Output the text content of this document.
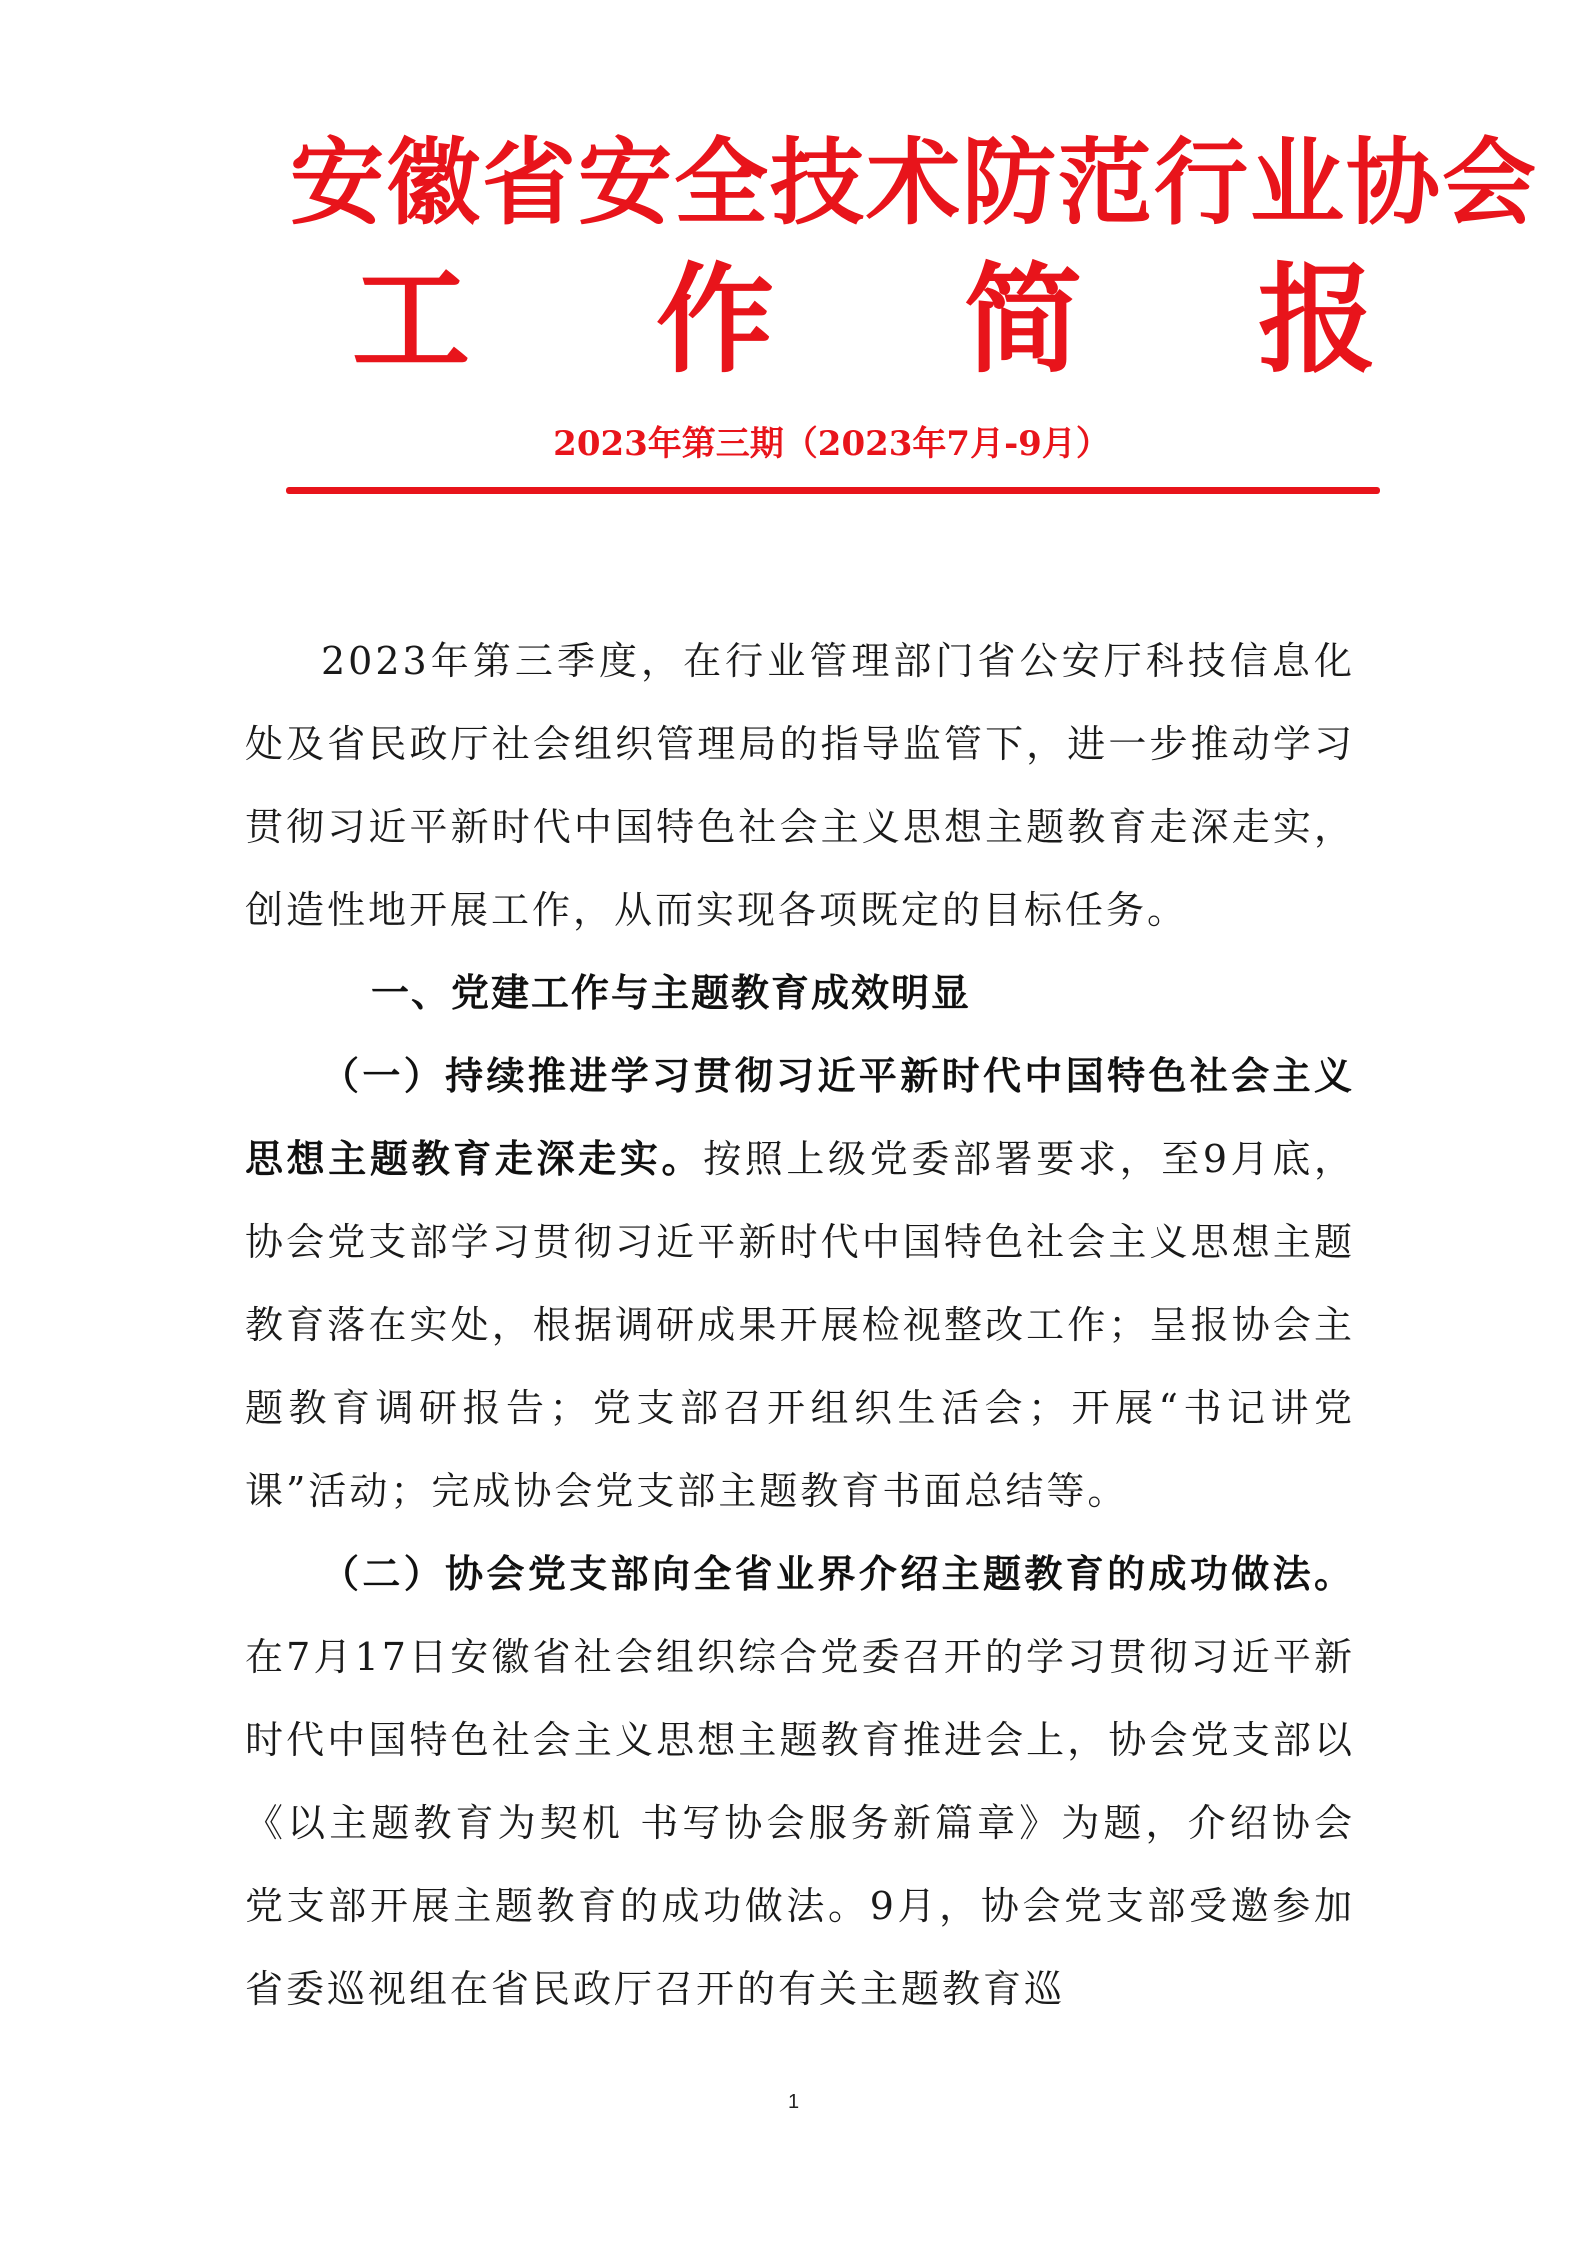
安徽省安全技术防范行业协会
工 作 简 报
2023年第三期（2023年7月-9月）

2023年第三季度，在行业管理部门省公安厅科技信息化处及省民政厅社会组织管理局的指导监管下，进一步推动学习贯彻习近平新时代中国特色社会主义思想主题教育走深走实，创造性地开展工作，从而实现各项既定的目标任务。

一、党建工作与主题教育成效明显

（一）持续推进学习贯彻习近平新时代中国特色社会主义思想主题教育走深走实。按照上级党委部署要求，至9月底，协会党支部学习贯彻习近平新时代中国特色社会主义思想主题教育落在实处，根据调研成果开展检视整改工作；呈报协会主题教育调研报告；党支部召开组织生活会；开展“书记讲党课”活动；完成协会党支部主题教育书面总结等。

（二）协会党支部向全省业界介绍主题教育的成功做法。在7月17日安徽省社会组织综合党委召开的学习贯彻习近平新时代中国特色社会主义思想主题教育推进会上，协会党支部以《以主题教育为契机 书写协会服务新篇章》为题，介绍协会党支部开展主题教育的成功做法。9月，协会党支部受邀参加省委巡视组在省民政厅召开的有关主题教育巡

1
